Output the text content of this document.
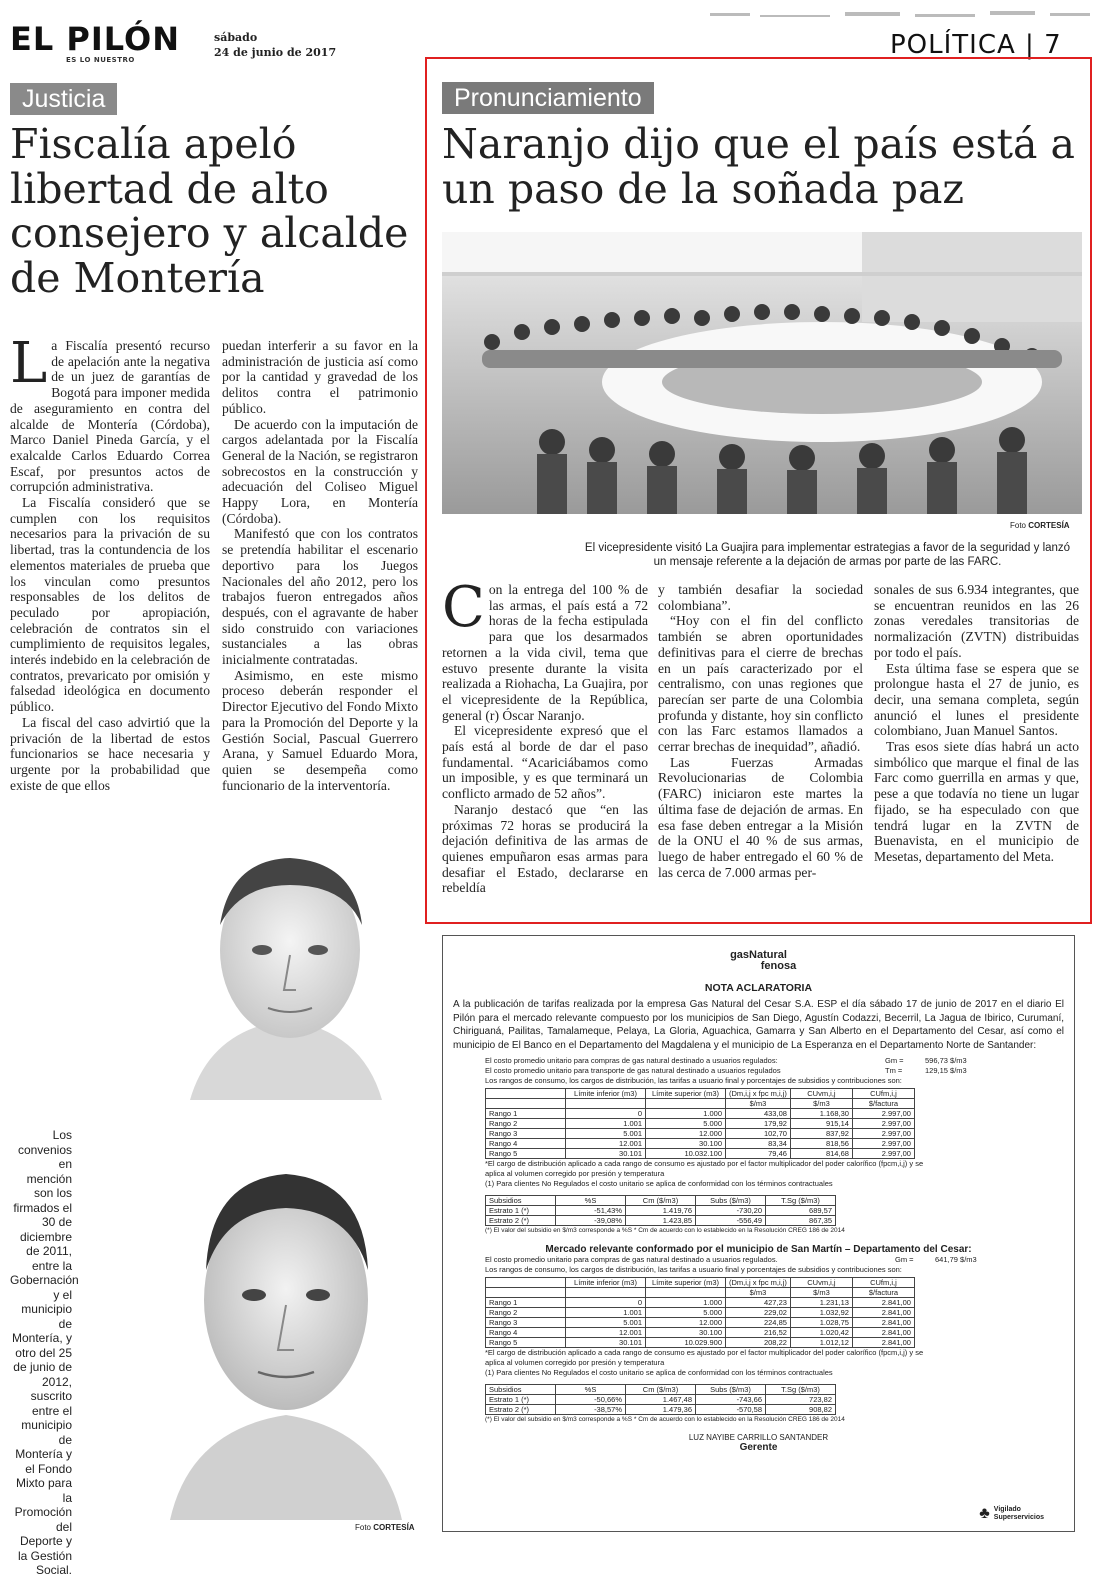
EL PILÓN
ES LO NUESTRO
sábado
24 de junio de 2017	POLÍTICA | 7
Justicia
Fiscalía apeló libertad de alto consejero y alcalde de Montería
L a Fiscalía presentó recurso de apelación ante la negativa de un juez de garantías de Bogotá para imponer medida de aseguramiento en contra del alcalde de Montería (Córdoba), Marco Daniel Pineda García, y el exalcalde Carlos Eduardo Correa Escaf, por presuntos actos de corrupción administrativa.

La Fiscalía consideró que se cumplen con los requisitos necesarios para la privación de su libertad, tras la contundencia de los elementos materiales de prueba que los vinculan como presuntos responsables de los delitos de peculado por apropiación, celebración de contratos sin el cumplimiento de requisitos legales, interés indebido en la celebración de contratos, prevaricato por omisión y falsedad ideológica en documento público.

La fiscal del caso advirtió que la privación de la libertad de estos funcionarios se hace necesaria y urgente por la probabilidad que existe de que ellos

puedan interferir a su favor en la administración de justicia así como por la cantidad y gravedad de los delitos contra el patrimonio público.

De acuerdo con la imputación de cargos adelantada por la Fiscalía General de la Nación, se registraron sobrecostos en la construcción y adecuación del Coliseo Miguel Happy Lora, en Montería (Córdoba).

Manifestó que con los contratos se pretendía habilitar el escenario deportivo para los Juegos Nacionales del año 2012, pero los trabajos fueron entregados años después, con el agravante de haber sido construido con variaciones sustanciales a las obras inicialmente contratadas.

Asimismo, en este mismo proceso deberán responder el Director Ejecutivo del Fondo Mixto para la Promoción del Deporte y la Gestión Social, Pascual Guerrero Arana, y Samuel Eduardo Mora, quien se desempeña como funcionario de la interventoría.

Los convenios en mención son los firmados el 30 de diciembre de 2011, entre la Gobernación y el municipio de Montería, y otro del 25 de junio de 2012, suscrito entre el municipio de Montería y el Fondo Mixto para la Promoción del Deporte y la Gestión Social.
Foto CORTESÍA
Pronunciamiento
Naranjo dijo que el país está a un paso de la soñada paz
Foto CORTESÍA
El vicepresidente visitó La Guajira para implementar estrategias a favor de la seguridad y lanzó un mensaje referente a la dejación de armas por parte de las FARC.
C on la entrega del 100 % de las armas, el país está a 72 horas de la fecha estipulada para que los desarmados retornen a la vida civil, tema que estuvo presente durante la visita realizada a Riohacha, La Guajira, por el vicepresidente de la República, general (r) Óscar Naranjo.

El vicepresidente expresó que el país está al borde de dar el paso fundamental. “Acariciábamos como un imposible, y es que terminará un conflicto armado de 52 años”.

Naranjo destacó que “en las próximas 72 horas se producirá la dejación definitiva de las armas de quienes empuñaron esas armas para desafiar el Estado, declararse en rebeldía

y también desafiar la sociedad colombiana”.

“Hoy con el fin del conflicto también se abren oportunidades definitivas para el cierre de brechas en un país caracterizado por el centralismo, con unas regiones que parecían ser parte de una Colombia profunda y distante, hoy sin conflicto con las Farc estamos llamados a cerrar brechas de inequidad”, añadió.

Las Fuerzas Armadas Revolucionarias de Colombia (FARC) iniciaron este martes la última fase de dejación de armas. En esa fase deben entregar a la Misión de la ONU el 40 % de sus armas, luego de haber entregado el 60 % de las cerca de 7.000 armas per-

sonales de sus 6.934 integrantes, que se encuentran reunidos en las 26 zonas veredales transitorias de normalización (ZVTN) distribuidas por todo el país.

Esta última fase se espera que se prolongue hasta el 27 de junio, es decir, una semana completa, según anunció el lunes el presidente colombiano, Juan Manuel Santos.

Tras esos siete días habrá un acto simbólico que marque el final de las Farc como guerrilla en armas y que, pese a que todavía no tiene un lugar fijado, se ha especulado con que tendrá lugar en la ZVTN de Buenavista, en el municipio de Mesetas, departamento del Meta.

gasNatural
fenosa
NOTA ACLARATORIA
A la publicación de tarifas realizada por la empresa Gas Natural del Cesar S.A. ESP el día sábado 17 de junio de 2017 en el diario El Pilón para el mercado relevante compuesto por los municipios de San Diego, Agustín Codazzi, Becerril, La Jagua de Ibirico, Curumaní, Chiriguaná, Pailitas, Tamalameque, Pelaya, La Gloria, Aguachica, Gamarra y San Alberto en el Departamento del Cesar, así como el municipio de El Banco en el Departamento del Magdalena y el municipio de La Esperanza en el Departamento Norte de Santander:
El costo promedio unitario para compras de gas natural destinado a usuarios regulados:	Gm =	596,73 $/m3
El costo promedio unitario para transporte de gas natural destinado a usuarios regulados	Tm =	129,15 $/m3
Los rangos de consumo, los cargos de distribución, las tarifas a usuario final y porcentajes de subsidios y contribuciones son:
	Límite inferior (m3)	Límite superior (m3)	(Dm,i,j x fpc m,i,j)	CUvm,i,j	CUfm,i,j
			$/m3	$/m3	$/factura
Rango 1	0	1.000	433,08	1.168,30	2.997,00
Rango 2	1.001	5.000	179,92	915,14	2.997,00
Rango 3	5.001	12.000	102,70	837,92	2.997,00
Rango 4	12.001	30.100	83,34	818,56	2.997,00
Rango 5	30.101	10.032.100	79,46	814,68	2.997,00
*El cargo de distribución aplicado a cada rango de consumo es ajustado por el factor multiplicador del poder calorífico (fpcm,i,j) y se aplica al volumen corregido por presión y temperatura
(1) Para clientes No Regulados el costo unitario se aplica de conformidad con los términos contractuales
Subsidios	%S	Cm ($/m3)	Subs ($/m3)	T.Sg ($/m3)
Estrato 1 (*)	-51,43%	1.419,76	-730,20	689,57
Estrato 2 (*)	-39,08%	1.423,85	-556,49	867,35
(*) El valor del subsidio en $/m3 corresponde a %S * Cm de acuerdo con lo establecido en la Resolución CREG 186 de 2014
Mercado relevante conformado por el municipio de San Martín – Departamento del Cesar:
El costo promedio unitario para compras de gas natural destinado a usuarios regulados.	Gm =	641,79 $/m3
Los rangos de consumo, los cargos de distribución, las tarifas a usuario final y porcentajes de subsidios y contribuciones son:
	Límite inferior (m3)	Límite superior (m3)	(Dm,i,j x fpc m,i,j)	CUvm,i,j	CUfm,i,j
			$/m3	$/m3	$/factura
Rango 1	0	1.000	427,23	1.231,13	2.841,00
Rango 2	1.001	5.000	229,02	1.032,92	2.841,00
Rango 3	5.001	12.000	224,85	1.028,75	2.841,00
Rango 4	12.001	30.100	216,52	1.020,42	2.841,00
Rango 5	30.101	10.029.900	208,22	1.012,12	2.841,00
*El cargo de distribución aplicado a cada rango de consumo es ajustado por el factor multiplicador del poder calorífico (fpcm,i,j) y se aplica al volumen corregido por presión y temperatura
(1) Para clientes No Regulados el costo unitario se aplica de conformidad con los términos contractuales
Subsidios	%S	Cm ($/m3)	Subs ($/m3)	T.Sg ($/m3)
Estrato 1 (*)	-50,66%	1.467,48	-743,66	723,82
Estrato 2 (*)	-38,57%	1.479,36	-570,58	908,82
(*) El valor del subsidio en $/m3 corresponde a %S * Cm de acuerdo con lo establecido en la Resolución CREG 186 de 2014
LUZ NAYIBE CARRILLO SANTANDER
Gerente
♣ Vigilado
Superservicios
